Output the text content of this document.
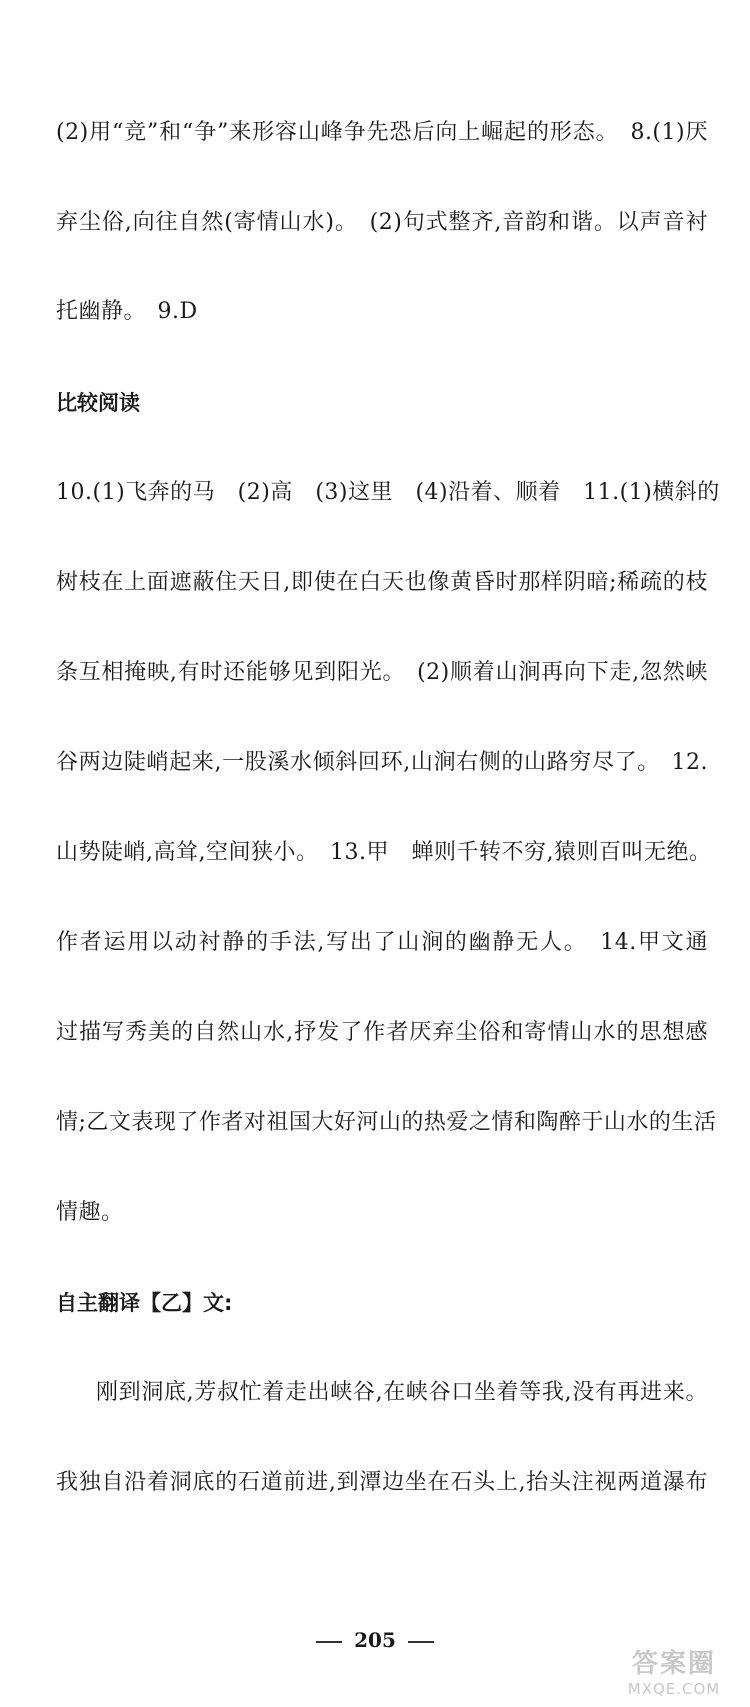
(2)用“竞”和“争”来形容山峰争先恐后向上崛起的形态。　8.(1)厌
弃尘俗,向往自然(寄情山水)。　(2)句式整齐,音韵和谐。以声音衬
托幽静。　9.D
比较阅读
10.(1)飞奔的马　(2)高　(3)这里　(4)沿着、顺着　11.(1)横斜的
树枝在上面遮蔽住天日,即使在白天也像黄昏时那样阴暗;稀疏的枝
条互相掩映,有时还能够见到阳光。　(2)顺着山涧再向下走,忽然峡
谷两边陡峭起来,一股溪水倾斜回环,山涧右侧的山路穷尽了。　12.
山势陡峭,高耸,空间狭小。　13.甲　蝉则千转不穷,猿则百叫无绝。
作者运用以动衬静的手法,写出了山涧的幽静无人。　14.甲文通
过描写秀美的自然山水,抒发了作者厌弃尘俗和寄情山水的思想感
情;乙文表现了作者对祖国大好河山的热爱之情和陶醉于山水的生活
情趣。
自主翻译【乙】文:
刚到洞底,芳叔忙着走出峡谷,在峡谷口坐着等我,没有再进来。
我独自沿着洞底的石道前进,到潭边坐在石头上,抬头注视两道瀑布
205
答案圈
MXQE.COM
